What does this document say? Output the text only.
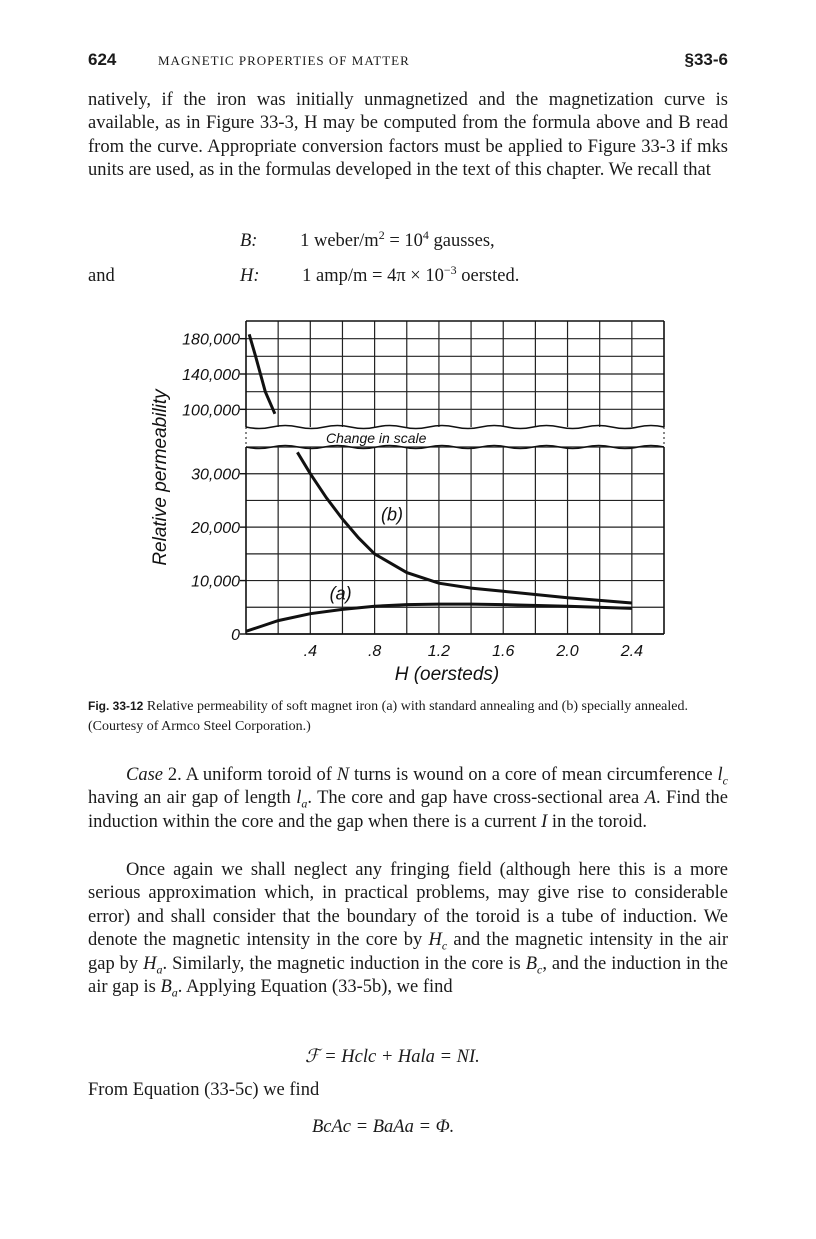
624	MAGNETIC PROPERTIES OF MATTER	§33-6

natively, if the iron was initially unmagnetized and the magnetization curve is available, as in Figure 33-3, H may be computed from the formula above and B read from the curve. Appropriate conversion factors must be applied to Figure 33-3 if mks units are used, as in the formulas developed in the text of this chapter. We recall that

B: 1 weber/$m^2 = 10^4$ gausses,
and	H: 1 $amp/m = 4\pi \times 10^{-3}$ oersted.
Change in scale
0
10,000
20,000
30,000
100,000
140,000
180,000
.4	.8	1.2	1.6	2.0	2.4
H (oersteds)
Relative permeability
(a)
(b)

Fig. 33-12 Relative permeability of soft magnet iron (a) with standard annealing and (b) specially annealed. (Courtesy of Armco Steel Corporation.)

Case 2. A uniform toroid of N turns is wound on a core of mean circumference $l_c$ having an air gap of length $l_a$. The core and gap have cross-sectional area A. Find the induction within the core and the gap when there is a current I in the toroid.

Once again we shall neglect any fringing field (although here this is a more serious approximation which, in practical problems, may give rise to considerable error) and shall consider that the boundary of the toroid is a tube of induction. We denote the magnetic intensity in the core by $H_c$ and the magnetic intensity in the air gap by $H_a$. Similarly, the magnetic induction in the core is $B_c$, and the induction in the air gap is $B_a$. Applying Equation (33-5b), we find

ℱ = Hclc + Hala = NI.

From Equation (33-5c) we find

BcAc = BaAa = Φ.
